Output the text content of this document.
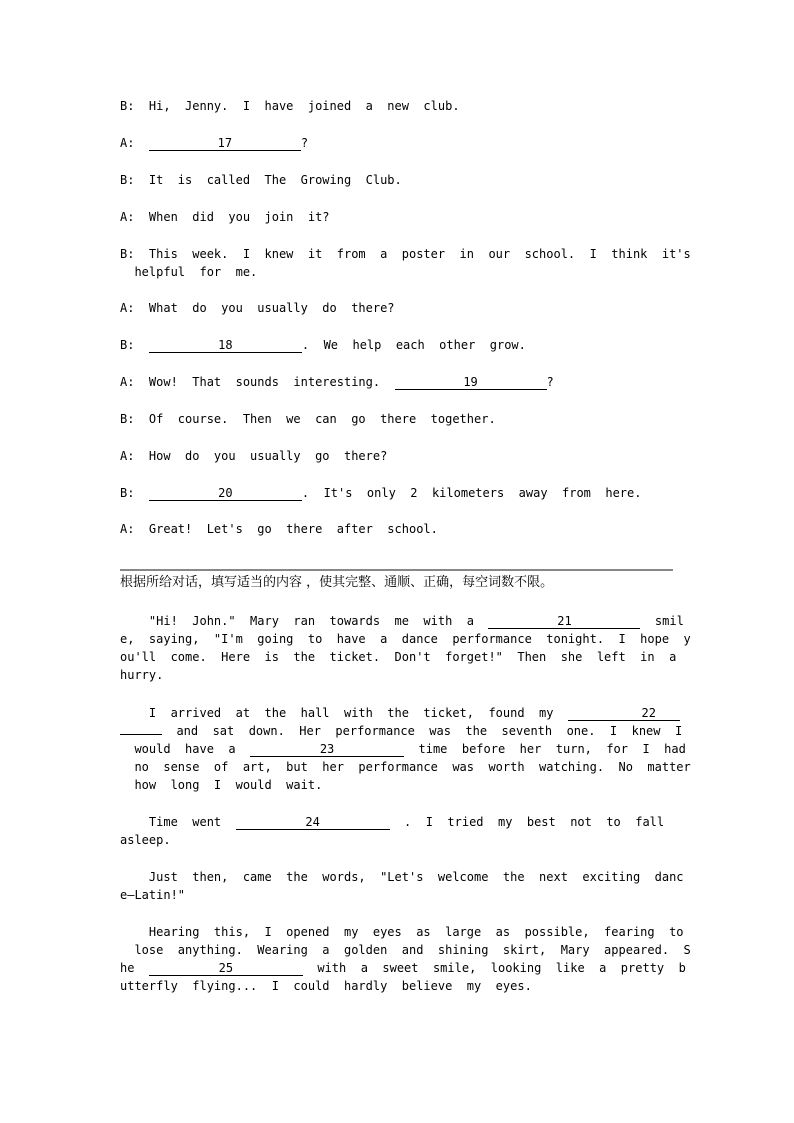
B:  Hi,  Jenny.  I  have  joined  a  new  club.
A:	17	?
B:  It  is  called  The  Growing  Club.
A:  When  did  you  join  it?
B:  This  week.  I  knew  it  from  a  poster  in  our  school.  I  think  it's
helpful  for  me.
A:  What  do  you  usually  do  there?
B:	18	.  We  help  each  other  grow.
A:  Wow!  That  sounds  interesting.	19	?
B:  Of  course.  Then  we  can  go  there  together.
A:  How  do  you  usually  go  there?
B:	20	.  It's  only  2  kilometers  away  from  here.
A:  Great!  Let's  go  there  after  school.
根据所给对话，填写适当的内容 ，使其完整、通顺、正确，每空词数不限。
"Hi!  John."  Mary  ran  towards  me  with  a	21	smil
e,  saying,  "I'm  going  to  have  a  dance  performance  tonight.  I  hope  y
ou'll  come.  Here  is  the  ticket.  Don't  forget!"  Then  she  left  in  a
hurry.
I  arrived  at  the  hall  with  the  ticket,  found  my	22
and  sat  down.  Her  performance  was  the  seventh  one.  I  knew  I
would  have  a	23	time  before  her  turn,  for  I  had
no  sense  of  art,  but  her  performance  was  worth  watching.  No  matter
how  long  I  would  wait.
Time  went	24	.  I  tried  my  best  not  to  fall
asleep.
Just  then,  came  the  words,  "Let's  welcome  the  next  exciting  danc
e—Latin!"
Hearing  this,  I  opened  my  eyes  as  large  as  possible,  fearing  to
lose  anything.  Wearing  a  golden  and  shining  skirt,  Mary  appeared.  S
he	25	with  a  sweet  smile,  looking  like  a  pretty  b
utterfly  flying...  I  could  hardly  believe  my  eyes.
